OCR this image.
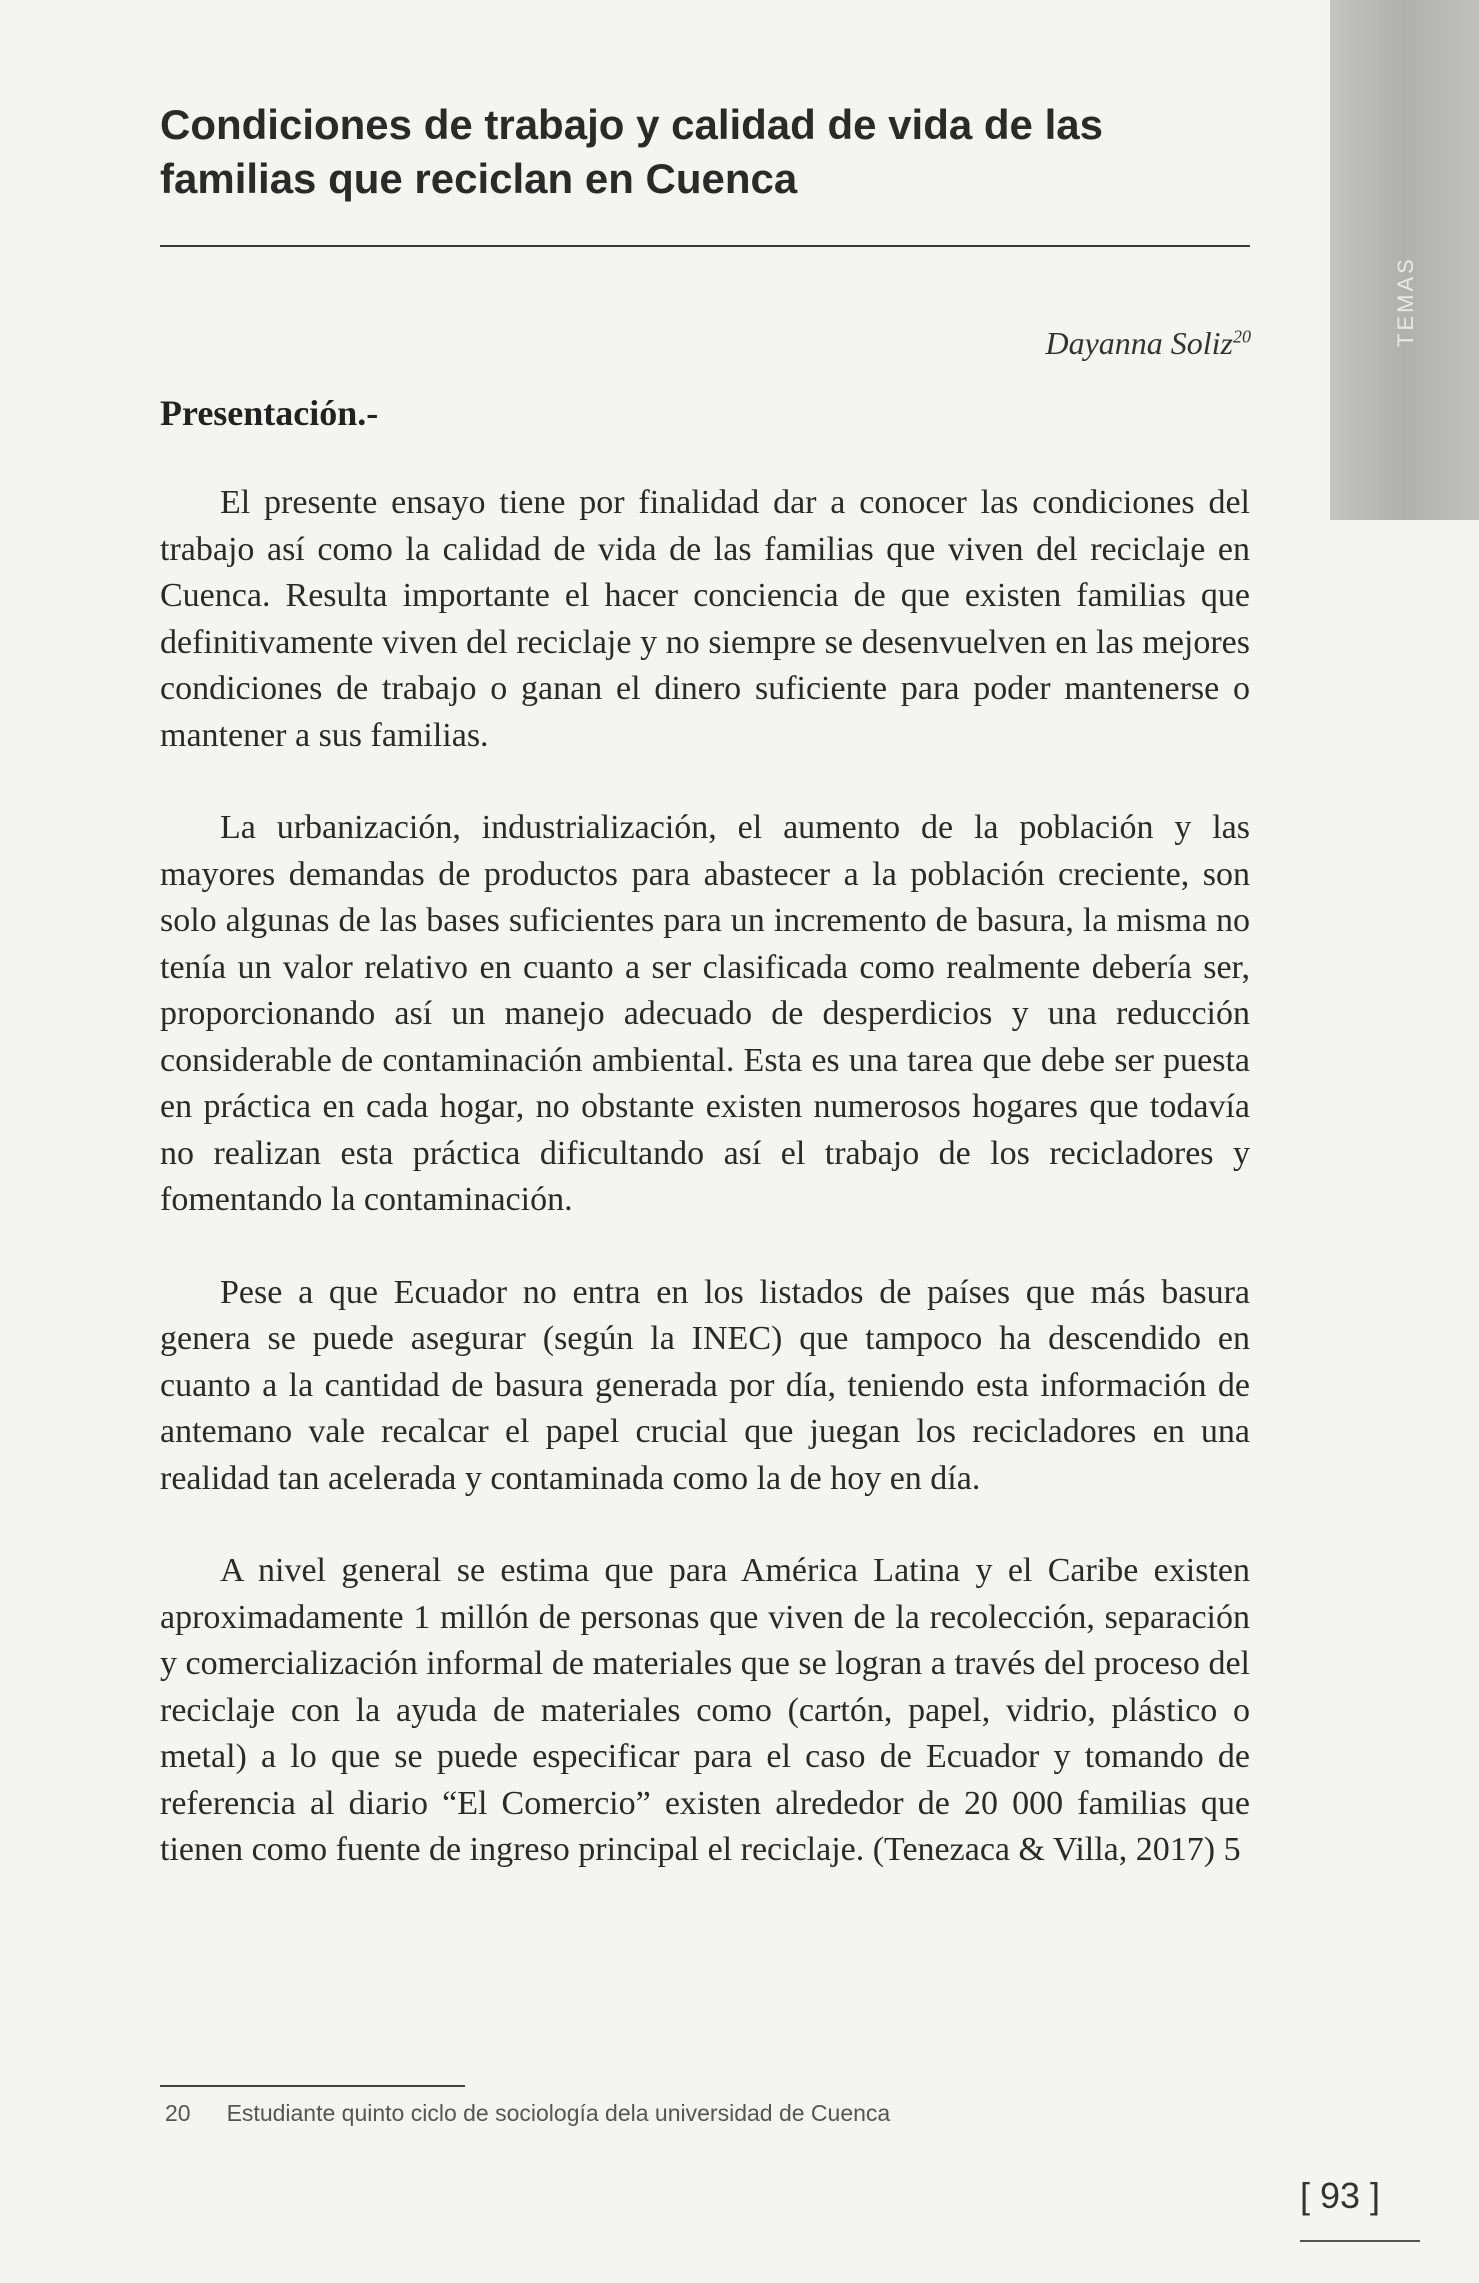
TEMAS
Condiciones de trabajo y calidad de vida de las
familias que reciclan en Cuenca
Dayanna Soliz$^{20}$
Presentación.-

El presente ensayo tiene por finalidad dar a conocer las condiciones del trabajo así como la calidad de vida de las familias que viven del reciclaje en Cuenca. Resulta importante el hacer conciencia de que existen familias que definitivamente viven del reciclaje y no siempre se desenvuelven en las mejores condiciones de trabajo o ganan el dinero suficiente para poder mantenerse o mantener a sus familias.

La urbanización, industrialización, el aumento de la población y las mayores demandas de productos para abastecer a la población creciente, son solo algunas de las bases suficientes para un incremento de basura, la misma no tenía un valor relativo en cuanto a ser clasificada como realmente debería ser, proporcionando así un manejo adecuado de desperdicios y una reducción considerable de contaminación ambiental. Esta es una tarea que debe ser puesta en práctica en cada hogar, no obstante existen numerosos hogares que todavía no realizan esta práctica dificultando así el trabajo de los recicladores y fomentando la contaminación.

Pese a que Ecuador no entra en los listados de países que más basura genera se puede asegurar (según la INEC) que tampoco ha descendido en cuanto a la cantidad de basura generada por día, teniendo esta información de antemano vale recalcar el papel crucial que juegan los recicladores en una realidad tan acelerada y contaminada como la de hoy en día.

A nivel general se estima que para América Latina y el Caribe existen aproximadamente 1 millón de personas que viven de la recolección, separación y comercialización informal de materiales que se logran a través del proceso del reciclaje con la ayuda de materiales como (cartón, papel, vidrio, plástico o metal) a lo que se puede especificar para el caso de Ecuador y tomando de referencia al diario “El Comercio” existen alrededor de 20 000 familias que tienen como fuente de ingreso principal el reciclaje. (Tenezaca & Villa, 2017) 5

20 Estudiante quinto ciclo de sociología dela universidad de Cuenca
[ 93 ]
